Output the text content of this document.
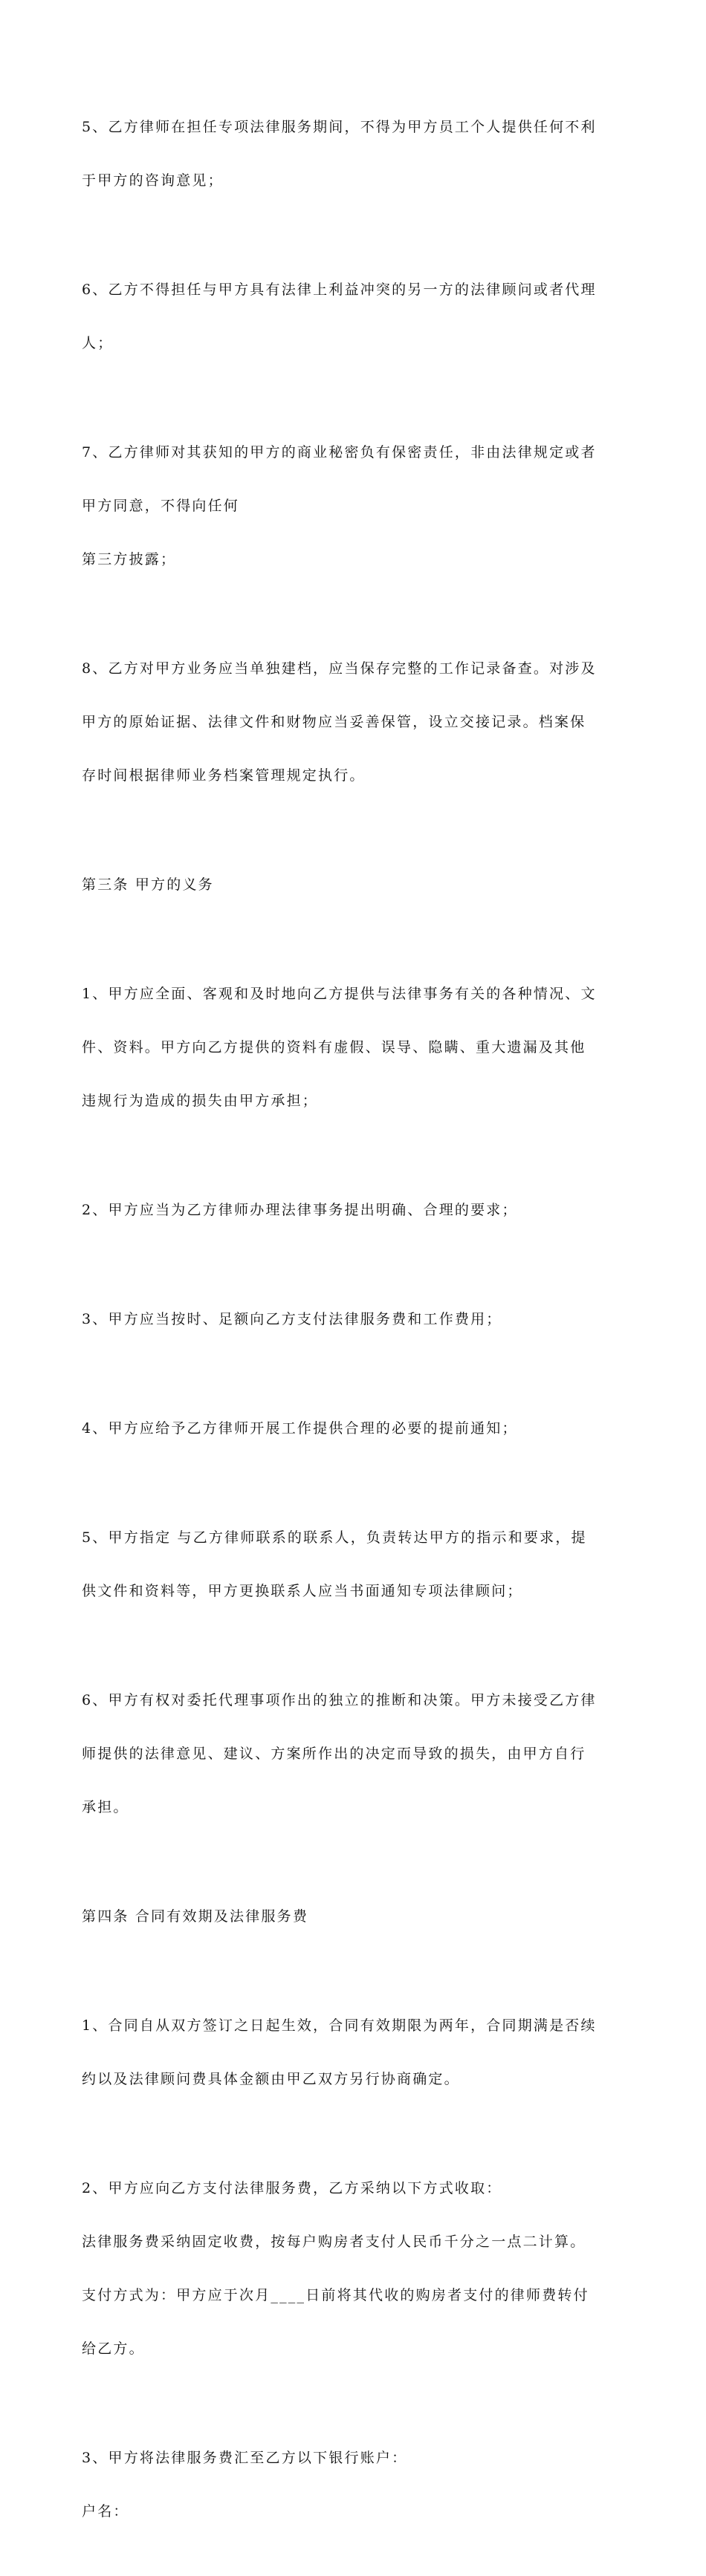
5、乙方律师在担任专项法律服务期间，不得为甲方员工个人提供任何不利

于甲方的咨询意见；

6、乙方不得担任与甲方具有法律上利益冲突的另一方的法律顾问或者代理

人；

7、乙方律师对其获知的甲方的商业秘密负有保密责任，非由法律规定或者

甲方同意，不得向任何

第三方披露；

8、乙方对甲方业务应当单独建档，应当保存完整的工作记录备查。对涉及

甲方的原始证据、法律文件和财物应当妥善保管，设立交接记录。档案保

存时间根据律师业务档案管理规定执行。

第三条 甲方的义务

1、甲方应全面、客观和及时地向乙方提供与法律事务有关的各种情况、文

件、资料。甲方向乙方提供的资料有虚假、误导、隐瞒、重大遗漏及其他

违规行为造成的损失由甲方承担；

2、甲方应当为乙方律师办理法律事务提出明确、合理的要求；

3、甲方应当按时、足额向乙方支付法律服务费和工作费用；

4、甲方应给予乙方律师开展工作提供合理的必要的提前通知；

5、甲方指定 与乙方律师联系的联系人，负责转达甲方的指示和要求，提

供文件和资料等，甲方更换联系人应当书面通知专项法律顾问；

6、甲方有权对委托代理事项作出的独立的推断和决策。甲方未接受乙方律

师提供的法律意见、建议、方案所作出的决定而导致的损失，由甲方自行

承担。

第四条 合同有效期及法律服务费

1、合同自从双方签订之日起生效，合同有效期限为两年，合同期满是否续

约以及法律顾问费具体金额由甲乙双方另行协商确定。

2、甲方应向乙方支付法律服务费，乙方采纳以下方式收取：

法律服务费采纳固定收费，按每户购房者支付人民币千分之一点二计算。

支付方式为：甲方应于次月____日前将其代收的购房者支付的律师费转付

给乙方。

3、甲方将法律服务费汇至乙方以下银行账户：

户名：
